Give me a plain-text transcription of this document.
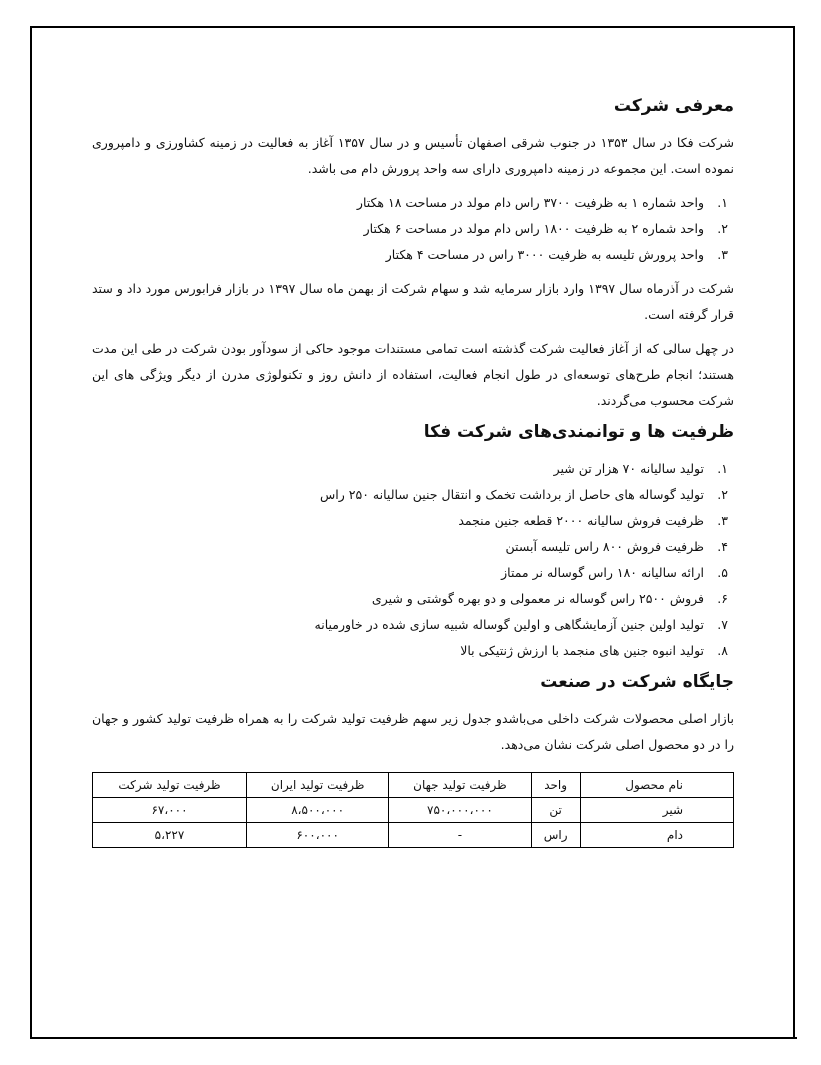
معرفی شرکت

شرکت فکا در سال ۱۳۵۳ در جنوب شرقی اصفهان تأسیس و در سال ۱۳۵۷ آغاز به فعالیت در زمینه کشاورزی و دامپروری نموده است. این مجموعه در زمینه دامپروری دارای سه واحد پرورش دام می باشد.

۱.
واحد شماره ۱ به ظرفیت ۳۷۰۰ راس دام مولد در مساحت ۱۸ هکتار
۲.
واحد شماره ۲ به ظرفیت ۱۸۰۰ راس دام مولد در مساحت ۶ هکتار
۳.
واحد پرورش تلیسه به ظرفیت ۳۰۰۰ راس در مساحت ۴ هکتار

شرکت در آذرماه سال ۱۳۹۷ وارد بازار سرمایه شد و سهام شرکت از بهمن ماه سال ۱۳۹۷ در بازار فرابورس مورد داد و ستد قرار گرفته است.

در چهل سالی که از آغاز فعالیت شرکت گذشته است تمامی مستندات موجود حاکی از سودآور بودن شرکت در طی این مدت هستند؛ انجام طرح‌های توسعه‌ای در طول انجام فعالیت، استفاده از دانش روز و تکنولوژی مدرن از دیگر ویژگی های این شرکت محسوب می‌گردند.

ظرفیت ها و توانمندی‌های شرکت فکا
۱.
تولید سالیانه ۷۰ هزار تن شیر
۲.
تولید گوساله های حاصل از برداشت تخمک و انتقال جنین سالیانه ۲۵۰ راس
۳.
ظرفیت فروش سالیانه ۲۰۰۰ قطعه جنین منجمد
۴.
ظرفیت فروش ۸۰۰ راس تلیسه آبستن
۵.
ارائه سالیانه ۱۸۰ راس گوساله نر ممتاز
۶.
فروش ۲۵۰۰ راس گوساله نر معمولی و دو بهره گوشتی و شیری
۷.
تولید اولین جنین آزمایشگاهی و اولین گوساله شبیه سازی شده در خاورمیانه
۸.
تولید انبوه جنین های منجمد با ارزش ژنتیکی بالا
جایگاه شرکت در صنعت

بازار اصلی محصولات شرکت داخلی می‌باشدو جدول زیر سهم ظرفیت تولید شرکت را به همراه ظرفیت تولید کشور و جهان را در دو محصول اصلی شرکت نشان می‌دهد.

نام محصول	واحد	ظرفیت تولید جهان	ظرفیت تولید ایران	ظرفیت تولید شرکت
شیر	تن	۷۵۰،۰۰۰،۰۰۰	۸،۵۰۰،۰۰۰	۶۷،۰۰۰
دام	راس	-	۶۰۰،۰۰۰	۵،۲۲۷
